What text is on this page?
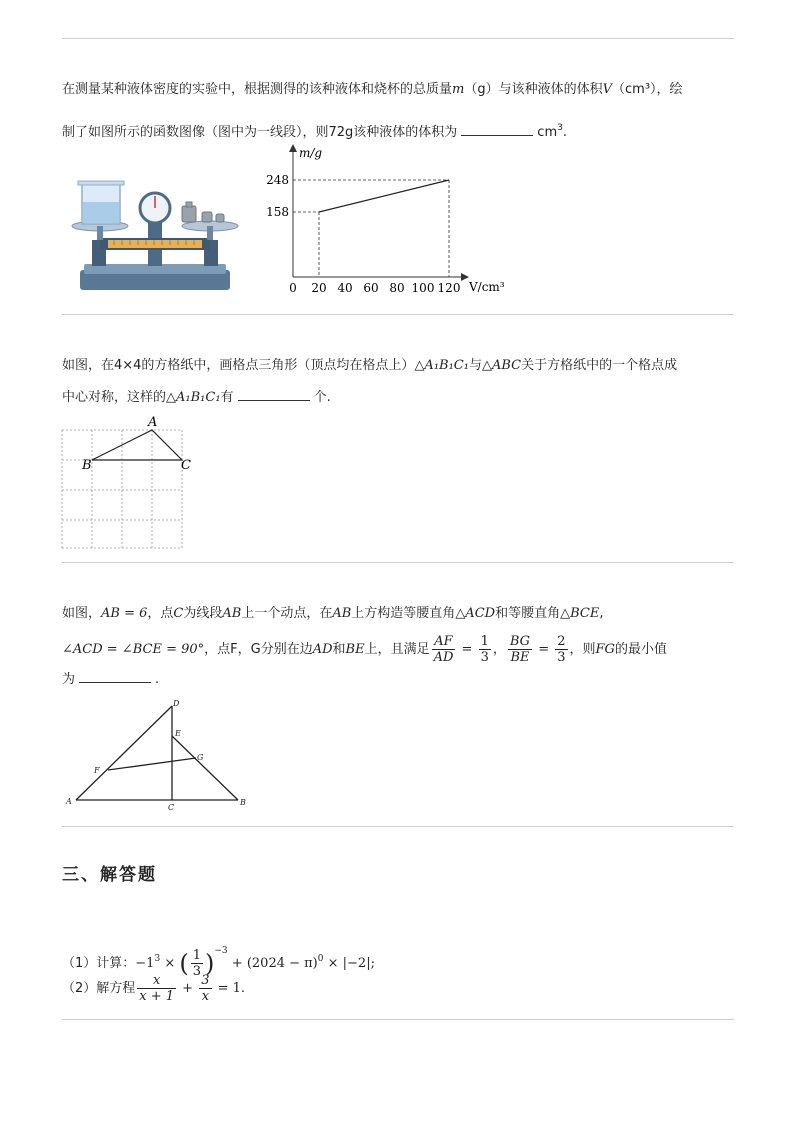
在测量某种液体密度的实验中，根据测得的该种液体和烧杯的总质量m（g）与该种液体的体积V（cm³），绘
制了如图所示的函数图像（图中为一线段），则72g该种液体的体积为	$cm^3$.
m/g
V/cm³
248
158
0 20 40 60 80 100 120
如图，在4×4的方格纸中，画格点三角形（顶点均在格点上）△A₁B₁C₁与△ABC关于方格纸中的一个格点成
中心对称，这样的△A₁B₁C₁有	个.
A
B	C
如图，AB = 6，点C为线段AB上一个动点，在AB上方构造等腰直角△ACD和等腰直角△BCE,
∠ACD = ∠BCE = 90°，点F，G分别在边AD和BE上，且满足 $\frac{AF}{AD} = \frac{1}{3}$ ， $\frac{BG}{BE} = \frac{2}{3}$ ，则FG的最小值
为	.
A	B
C
D
E
F
G
三、解答题
（1）计算：$-1^3$ × ( $\frac{1}{3} )^{-3} + (2024 - \pi)^0 \times |-2|$;
（2）解方程 $\frac{x}{x + 1} + \frac{3}{x} = 1$.
